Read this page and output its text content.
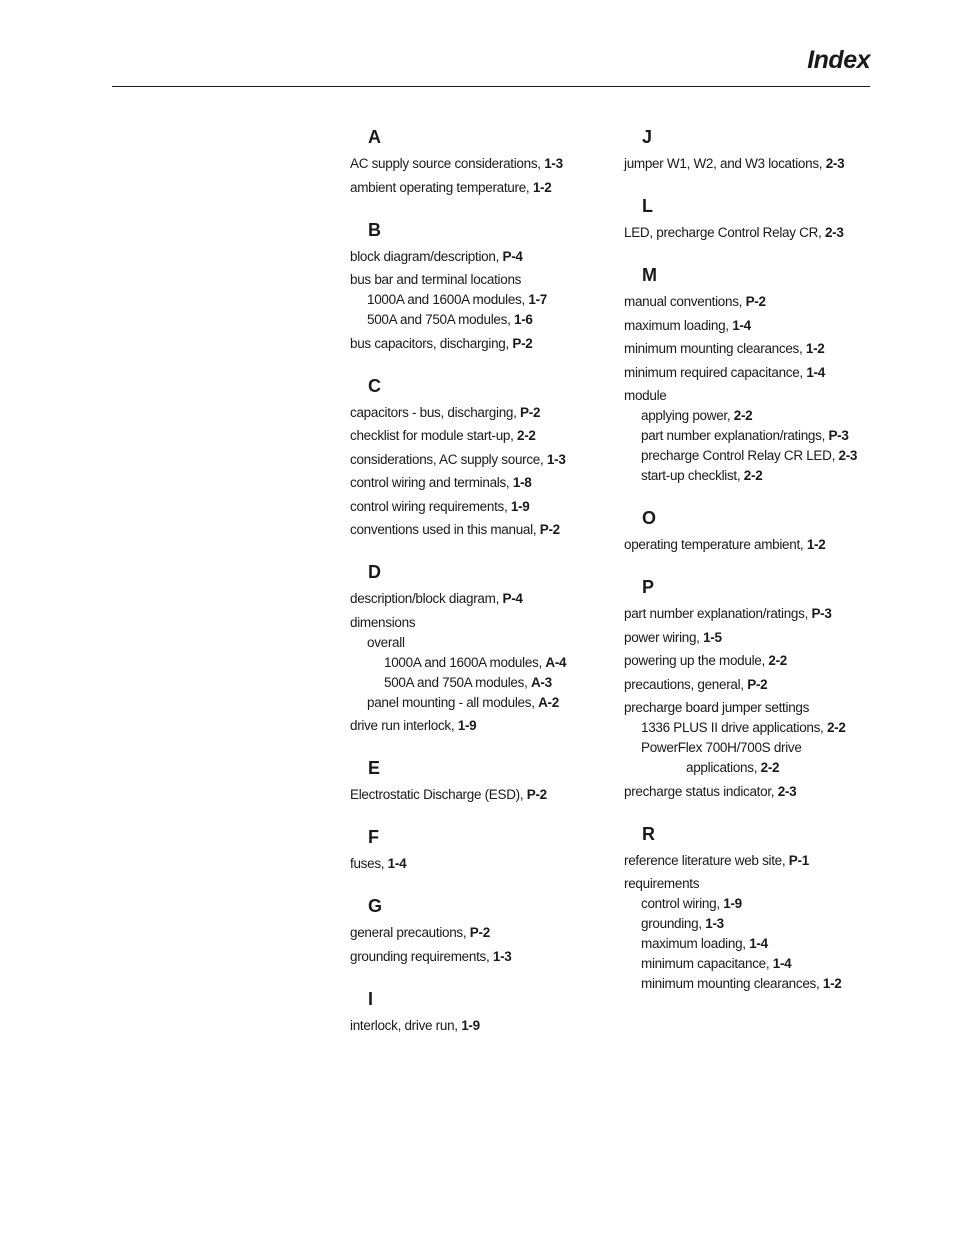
Index
A
AC supply source considerations, 1-3
ambient operating temperature, 1-2
B
block diagram/description, P-4
bus bar and terminal locations
1000A and 1600A modules, 1-7
500A and 750A modules, 1-6
bus capacitors, discharging, P-2
C
capacitors - bus, discharging, P-2
checklist for module start-up, 2-2
considerations, AC supply source, 1-3
control wiring and terminals, 1-8
control wiring requirements, 1-9
conventions used in this manual, P-2
D
description/block diagram, P-4
dimensions
overall
1000A and 1600A modules, A-4
500A and 750A modules, A-3
panel mounting - all modules, A-2
drive run interlock, 1-9
E
Electrostatic Discharge (ESD), P-2
F
fuses, 1-4
G
general precautions, P-2
grounding requirements, 1-3
I
interlock, drive run, 1-9
J
jumper W1, W2, and W3 locations, 2-3
L
LED, precharge Control Relay CR, 2-3
M
manual conventions, P-2
maximum loading, 1-4
minimum mounting clearances, 1-2
minimum required capacitance, 1-4
module
applying power, 2-2
part number explanation/ratings, P-3
precharge Control Relay CR LED, 2-3
start-up checklist, 2-2
O
operating temperature ambient, 1-2
P
part number explanation/ratings, P-3
power wiring, 1-5
powering up the module, 2-2
precautions, general, P-2
precharge board jumper settings
1336 PLUS II drive applications, 2-2
PowerFlex 700H/700S drive
applications, 2-2
precharge status indicator, 2-3
R
reference literature web site, P-1
requirements
control wiring, 1-9
grounding, 1-3
maximum loading, 1-4
minimum capacitance, 1-4
minimum mounting clearances, 1-2
